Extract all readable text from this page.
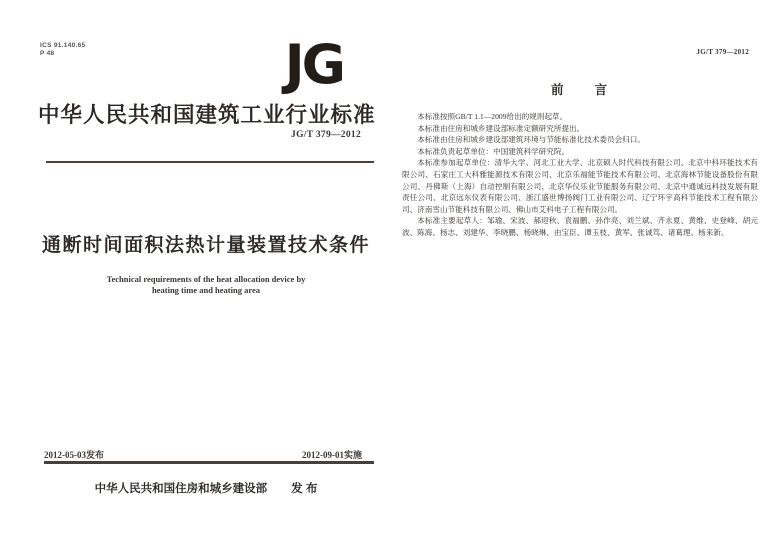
ICS 91.140.65
P 48	JG
中华人民共和国建筑工业行业标准
JG/T 379—2012
通断时间面积法热计量装置技术条件
Technical requirements of the heat allocation device by
heating time and heating area
2012-05-03发布	2012-09-01实施
中华人民共和国住房和城乡建设部 发 布
JG/T 379—2012
前　　言

本标准按照GB/T 1.1—2009给出的规则起草。

本标准由住房和城乡建设部标准定额研究所提出。

本标准由住房和城乡建设部建筑环境与节能标准化技术委员会归口。

本标准负责起草单位：中国建筑科学研究院。

本标准参加起草单位：清华大学、河北工业大学、北京硕人时代科技有限公司、北京中科环能技术有限公司、石家庄工大科雅能源技术有限公司、北京乐福能节能技术有限公司、北京海林节能设备股份有限公司、丹佛斯（上海）自动控制有限公司、北京华仪乐业节能服务有限公司、北京中通诚远科技发展有限责任公司、北京远东仪表有限公司、浙江盛世博扬阀门工业有限公司、辽宁环宇高科节能技术工程有限公司、济南雪山节能科技有限公司、佛山市艾科电子工程有限公司。

本标准主要起草人：邹瑜、宋波、郝迎秋、袁福鹏、孙作亮、刘兰斌、齐永夏、黄维、史登峰、胡元波、陈海、杨志、刘建华、李晓鹏、杨晓琳、由宝臣、谭玉枝、黄军、张诚笃、诸葛理、杨来新。
